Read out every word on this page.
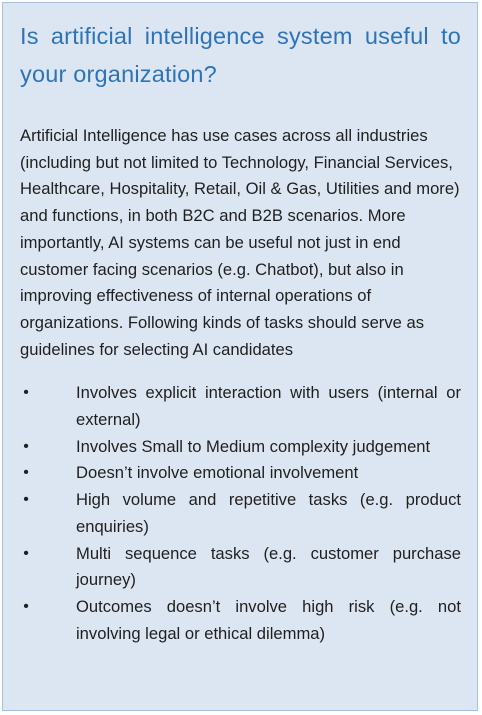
Is artificial intelligence system useful to your organization?

Artificial Intelligence has use cases across all industries (including but not limited to Technology, Financial Services, Healthcare, Hospitality, Retail, Oil & Gas, Utilities and more) and functions, in both B2C and B2B scenarios. More importantly, AI systems can be useful not just in end customer facing scenarios (e.g. Chatbot), but also in improving effectiveness of internal operations of organizations. Following kinds of tasks should serve as guidelines for selecting AI candidates

•	Involves explicit interaction with users (internal or external)
•	Involves Small to Medium complexity judgement
•	Doesn’t involve emotional involvement
•	High volume and repetitive tasks (e.g. product enquiries)
•	Multi sequence tasks (e.g. customer purchase journey)
•	Outcomes doesn’t involve high risk (e.g. not involving legal or ethical dilemma)
